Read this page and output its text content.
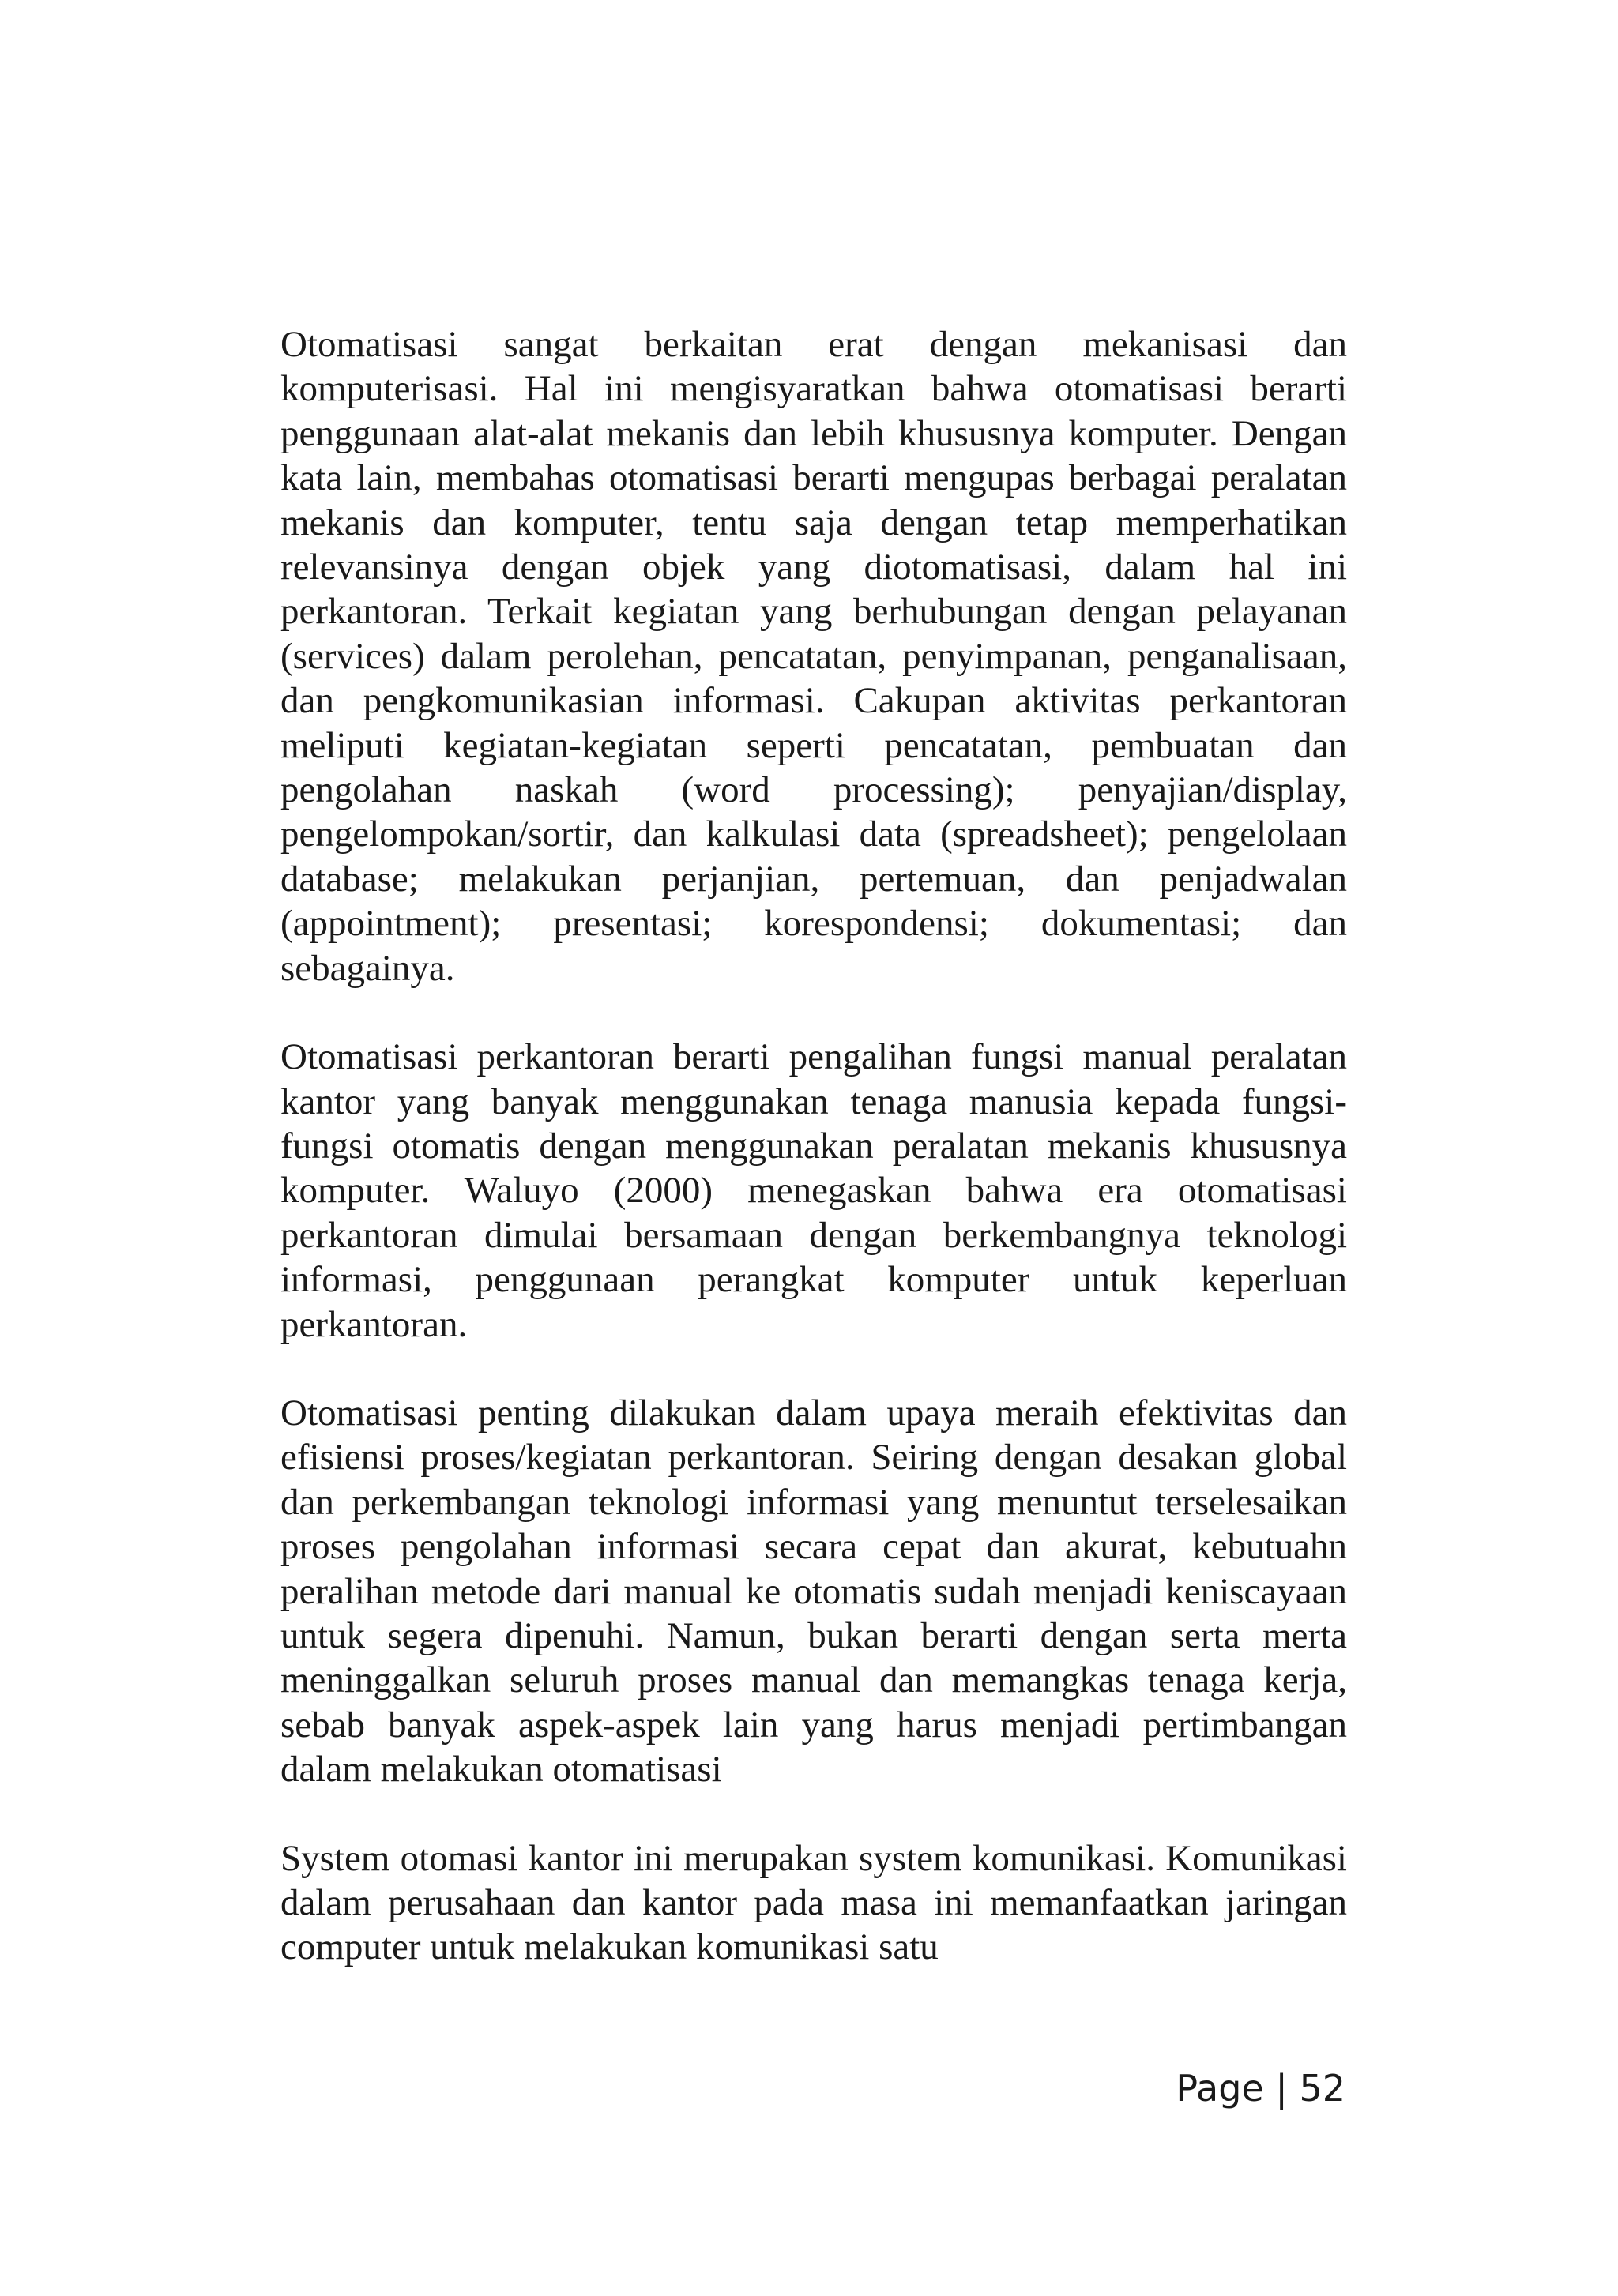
Otomatisasi sangat berkaitan erat dengan mekanisasi dan komputerisasi. Hal ini mengisyaratkan bahwa otomatisasi berarti penggunaan alat-alat mekanis dan lebih khususnya komputer. Dengan kata lain, membahas otomatisasi berarti mengupas berbagai peralatan mekanis dan komputer, tentu saja dengan tetap memperhatikan relevansinya dengan objek yang diotomatisasi, dalam hal ini perkantoran. Terkait kegiatan yang berhubungan dengan pelayanan (services) dalam perolehan, pencatatan, penyimpanan, penganalisaan, dan pengkomunikasian informasi. Cakupan aktivitas perkantoran meliputi kegiatan-kegiatan seperti pencatatan, pembuatan dan pengolahan naskah (word processing); penyajian/display, pengelompokan/sortir, dan kalkulasi data (spreadsheet); pengelolaan database; melakukan perjanjian, pertemuan, dan penjadwalan (appointment); presentasi; korespondensi; dokumentasi; dan sebagainya.

Otomatisasi perkantoran berarti pengalihan fungsi manual peralatan kantor yang banyak menggunakan tenaga manusia kepada fungsi-fungsi otomatis dengan menggunakan peralatan mekanis khususnya komputer. Waluyo (2000) menegaskan bahwa era otomatisasi perkantoran dimulai bersamaan dengan berkembangnya teknologi informasi, penggunaan perangkat komputer untuk keperluan perkantoran.

Otomatisasi penting dilakukan dalam upaya meraih efektivitas dan efisiensi proses/kegiatan perkantoran. Seiring dengan desakan global dan perkembangan teknologi informasi yang menuntut terselesaikan proses pengolahan informasi secara cepat dan akurat, kebutuahn peralihan metode dari manual ke otomatis sudah menjadi keniscayaan untuk segera dipenuhi. Namun, bukan berarti dengan serta merta meninggalkan seluruh proses manual dan memangkas tenaga kerja, sebab banyak aspek-aspek lain yang harus menjadi pertimbangan dalam melakukan otomatisasi

System otomasi kantor ini merupakan system komunikasi. Komunikasi dalam perusahaan dan kantor pada masa ini memanfaatkan jaringan computer untuk melakukan komunikasi satu

Page | 52
